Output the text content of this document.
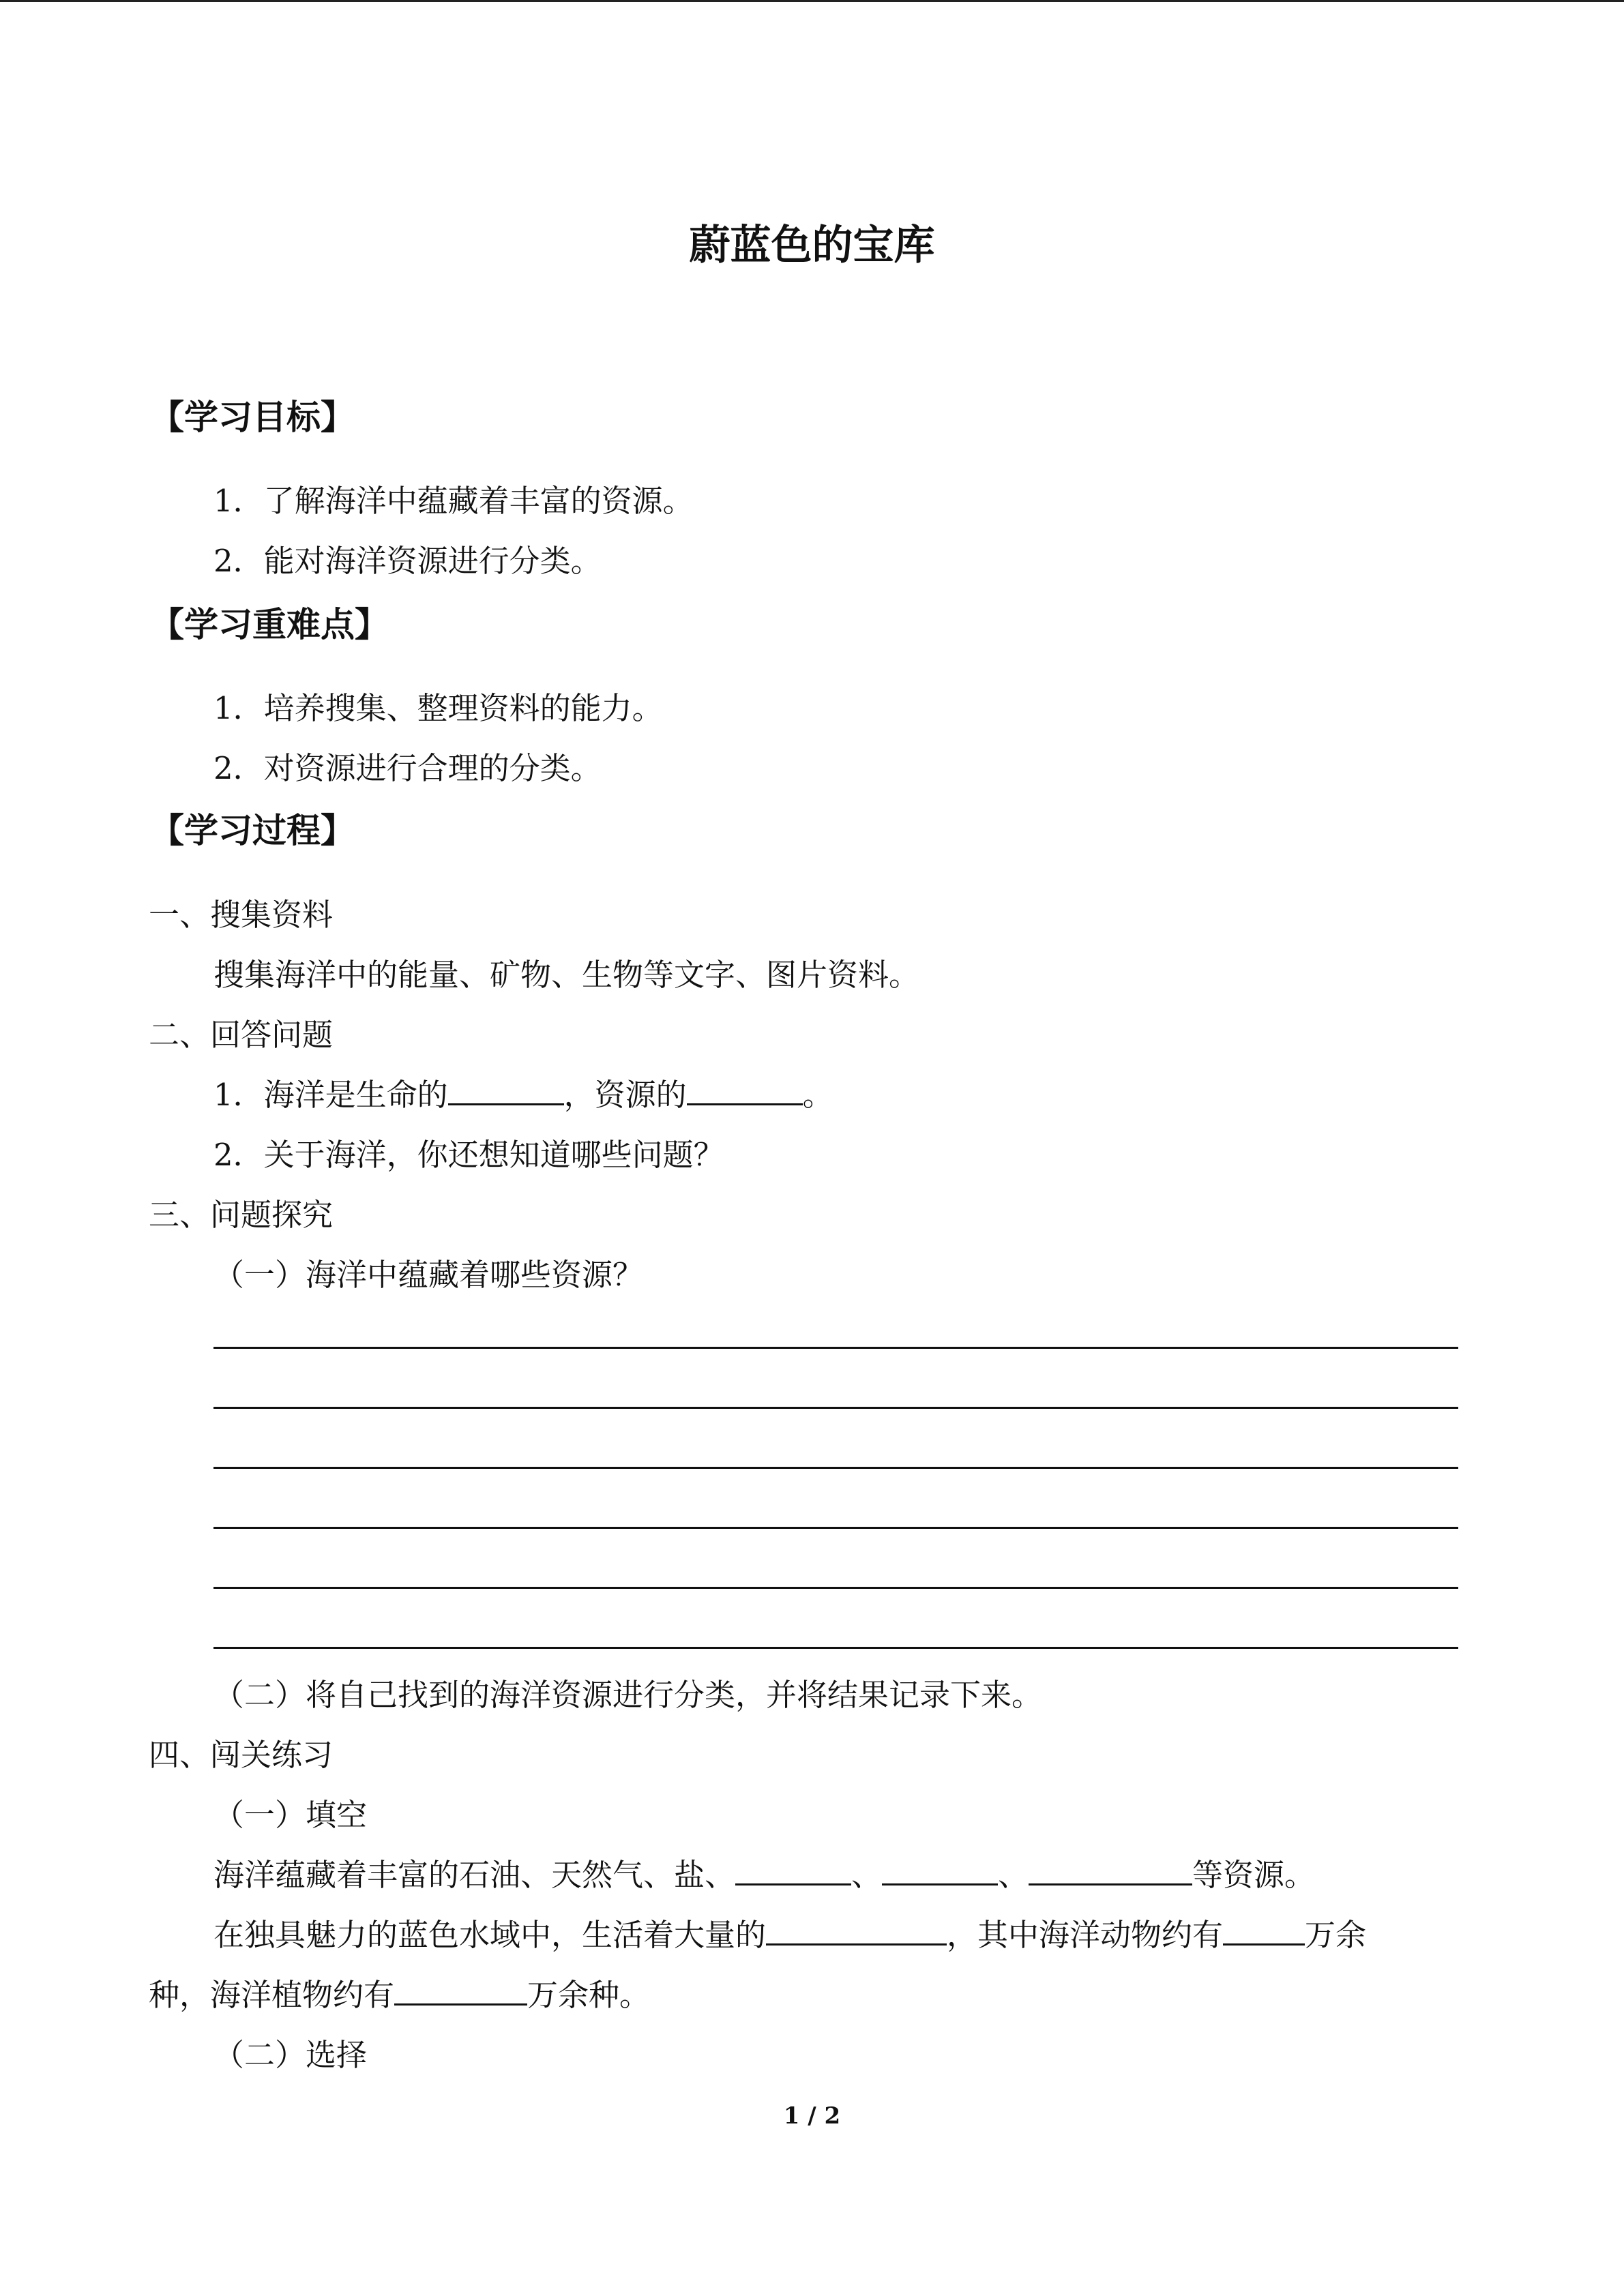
蔚蓝色的宝库
【学习目标】
1．了解海洋中蕴藏着丰富的资源。
2．能对海洋资源进行分类。
【学习重难点】
1．培养搜集、整理资料的能力。
2．对资源进行合理的分类。
【学习过程】
一、搜集资料
搜集海洋中的能量、矿物、生物等文字、图片资料。
二、回答问题
1．海洋是生命的	，资源的	。
2．关于海洋，你还想知道哪些问题？
三、问题探究
（一）海洋中蕴藏着哪些资源？
（二）将自己找到的海洋资源进行分类，并将结果记录下来。
四、闯关练习
（一）填空
海洋蕴藏着丰富的石油、天然气、盐、	、	、	等资源。
在独具魅力的蓝色水域中，生活着大量的	，其中海洋动物约有	万余
种，海洋植物约有	万余种。
（二）选择
1 / 2
